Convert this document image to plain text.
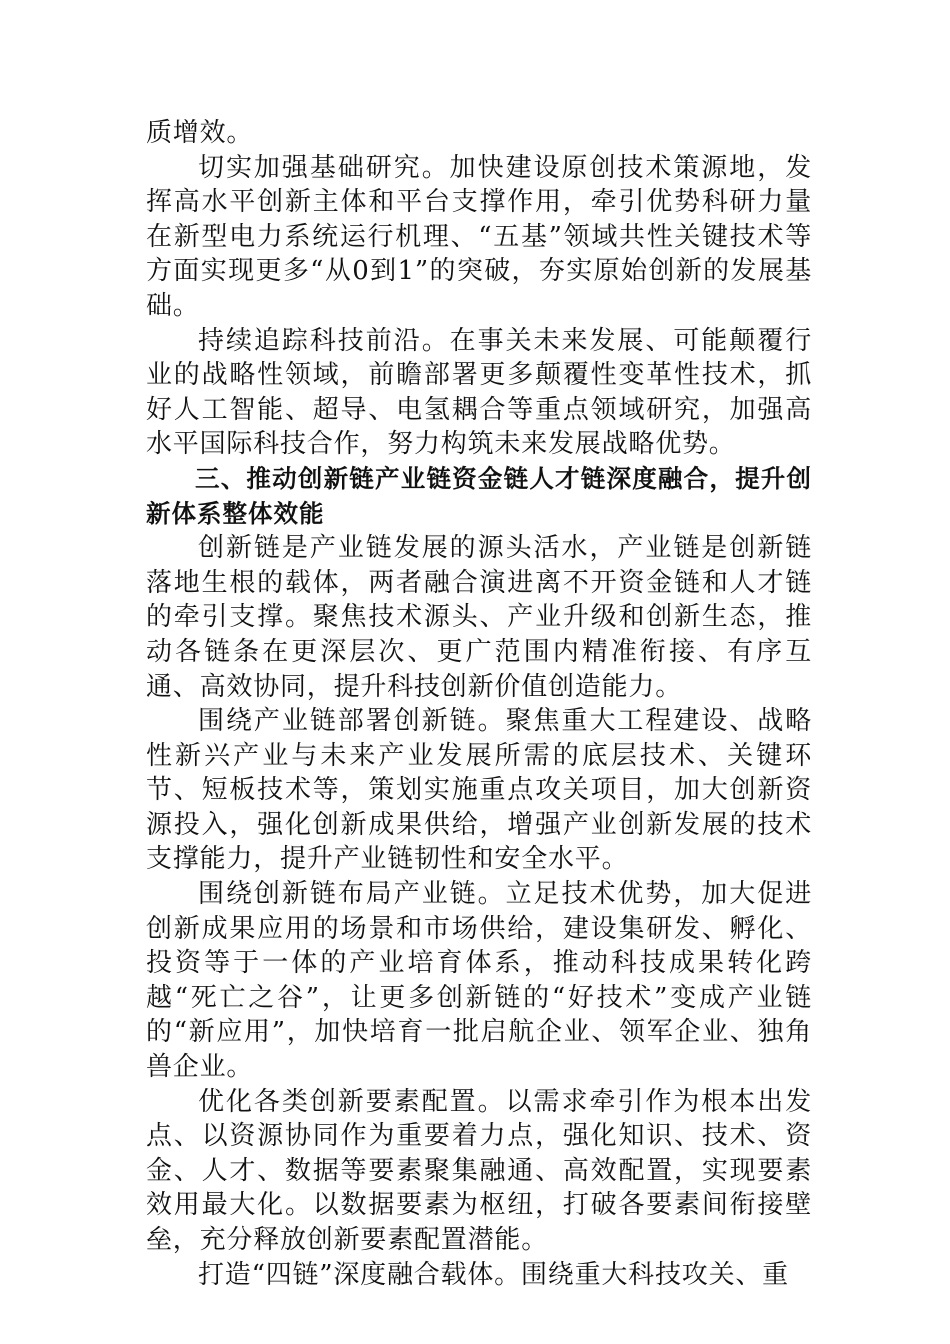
质增效。

切实加强基础研究。加快建设原创技术策源地，发挥高水平创新主体和平台支撑作用，牵引优势科研力量在新型电力系统运行机理、“五基”领域共性关键技术等方面实现更多“从0到1”的突破，夯实原始创新的发展基础。

持续追踪科技前沿。在事关未来发展、可能颠覆行业的战略性领域，前瞻部署更多颠覆性变革性技术，抓好人工智能、超导、电氢耦合等重点领域研究，加强高水平国际科技合作，努力构筑未来发展战略优势。

三、推动创新链产业链资金链人才链深度融合，提升创新体系整体效能

创新链是产业链发展的源头活水，产业链是创新链落地生根的载体，两者融合演进离不开资金链和人才链的牵引支撑。聚焦技术源头、产业升级和创新生态，推动各链条在更深层次、更广范围内精准衔接、有序互通、高效协同，提升科技创新价值创造能力。

围绕产业链部署创新链。聚焦重大工程建设、战略性新兴产业与未来产业发展所需的底层技术、关键环节、短板技术等，策划实施重点攻关项目，加大创新资源投入，强化创新成果供给，增强产业创新发展的技术支撑能力，提升产业链韧性和安全水平。

围绕创新链布局产业链。立足技术优势，加大促进创新成果应用的场景和市场供给，建设集研发、孵化、投资等于一体的产业培育体系，推动科技成果转化跨越“死亡之谷”，让更多创新链的“好技术”变成产业链的“新应用”，加快培育一批启航企业、领军企业、独角兽企业。

优化各类创新要素配置。以需求牵引作为根本出发点、以资源协同作为重要着力点，强化知识、技术、资金、人才、数据等要素聚集融通、高效配置，实现要素效用最大化。以数据要素为枢纽，打破各要素间衔接壁垒，充分释放创新要素配置潜能。

打造“四链”深度融合载体。围绕重大科技攻关、重
